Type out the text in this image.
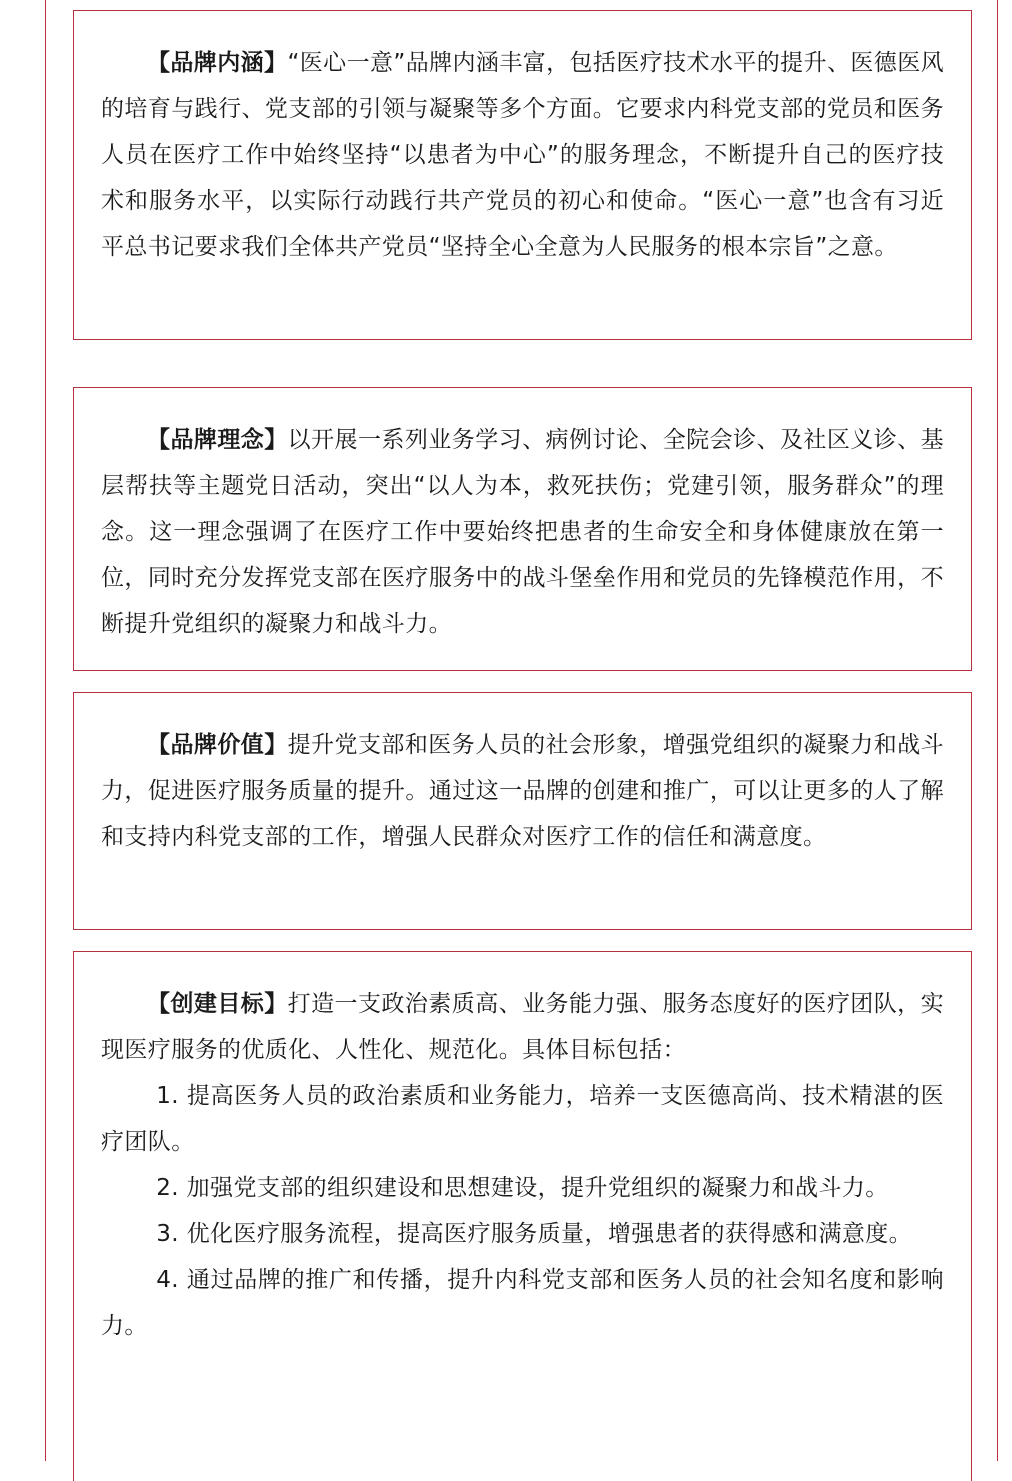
【品牌内涵】“医心一意”品牌内涵丰富，包括医疗技术水平的提升、医德医风的培育与践行、党支部的引领与凝聚等多个方面。它要求内科党支部的党员和医务人员在医疗工作中始终坚持“以患者为中心”的服务理念，不断提升自己的医疗技术和服务水平，以实际行动践行共产党员的初心和使命。“医心一意”也含有习近平总书记要求我们全体共产党员“坚持全心全意为人民服务的根本宗旨”之意。

【品牌理念】以开展一系列业务学习、病例讨论、全院会诊、及社区义诊、基层帮扶等主题党日活动，突出“以人为本，救死扶伤；党建引领，服务群众”的理念。这一理念强调了在医疗工作中要始终把患者的生命安全和身体健康放在第一位，同时充分发挥党支部在医疗服务中的战斗堡垒作用和党员的先锋模范作用，不断提升党组织的凝聚力和战斗力。

【品牌价值】提升党支部和医务人员的社会形象，增强党组织的凝聚力和战斗力，促进医疗服务质量的提升。通过这一品牌的创建和推广，可以让更多的人了解和支持内科党支部的工作，增强人民群众对医疗工作的信任和满意度。

【创建目标】打造一支政治素质高、业务能力强、服务态度好的医疗团队，实现医疗服务的优质化、人性化、规范化。具体目标包括：

1. 提高医务人员的政治素质和业务能力，培养一支医德高尚、技术精湛的医疗团队。

2. 加强党支部的组织建设和思想建设，提升党组织的凝聚力和战斗力。

3. 优化医疗服务流程，提高医疗服务质量，增强患者的获得感和满意度。

4. 通过品牌的推广和传播，提升内科党支部和医务人员的社会知名度和影响力。
